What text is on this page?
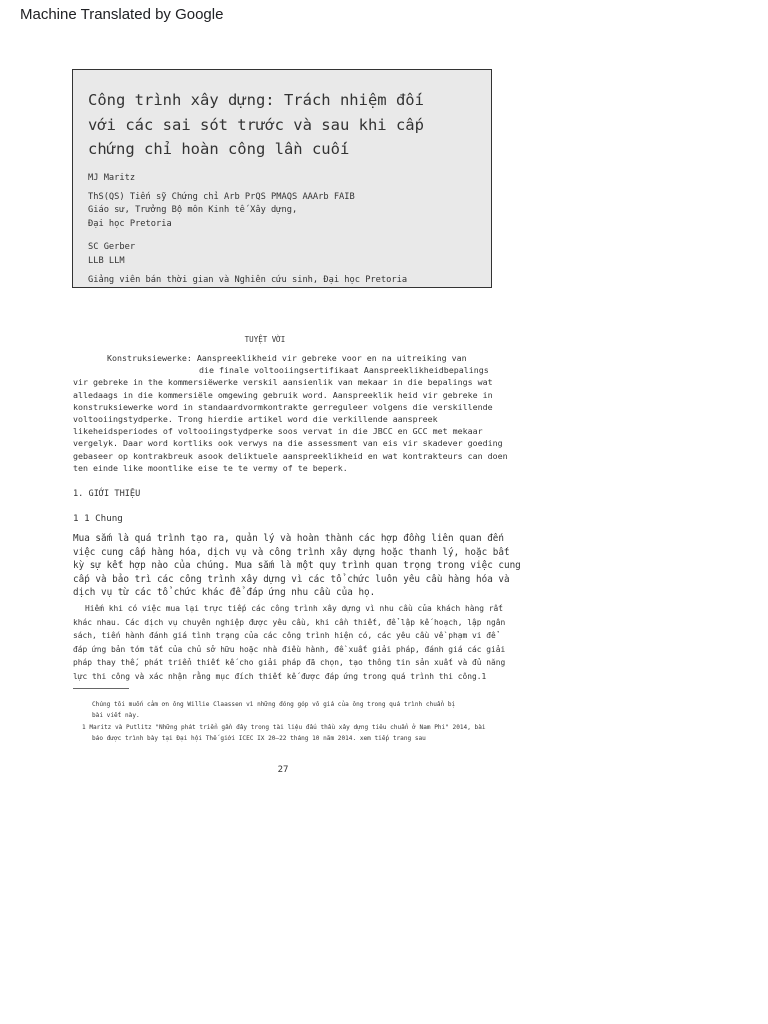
Machine Translated by Google
Công trình xây dựng: Trách nhiệm đối
với các sai sót trước và sau khi cấp
chứng chỉ hoàn công lần cuối
MJ Maritz
ThS(QS) Tiến sỹ Chứng chỉ Arb PrQS PMAQS AAArb FAIB
Giáo sư, Trưởng Bộ môn Kinh tế Xây dựng,
Đại học Pretoria
SC Gerber
LLB LLM
Giảng viên bán thời gian và Nghiên cứu sinh, Đại học Pretoria
TUYỆT VỜI
Konstruksiewerke: Aanspreeklikheid vir gebreke voor en na uitreiking van
die finale voltooiingsertifikaat Aanspreeklikheidbepalings
vir gebreke in the kommersiëwerke verskil aansienlik van mekaar in die bepalings wat
alledaags in die kommersiële omgewing gebruik word. Aanspreeklik heid vir gebreke in
konstruksiewerke word in standaardvormkontrakte gerreguleer volgens die verskillende
voltooiingstydperke. Trong hierdie artikel word die verkillende aanspreek
likeheidsperiodes of voltooiingstydperke soos vervat in die JBCC en GCC met mekaar
vergelyk. Daar word kortliks ook verwys na die assessment van eis vir skadever goeding
gebaseer op kontrakbreuk asook deliktuele aanspreeklikheid en wat kontrakteurs can doen
ten einde like moontlike eise te te vermy of te beperk.
1. GIỚI THIỆU
1 1 Chung
Mua sắm là quá trình tạo ra, quản lý và hoàn thành các hợp đồng liên quan đến
việc cung cấp hàng hóa, dịch vụ và công trình xây dựng hoặc thanh lý, hoặc bất
kỳ sự kết hợp nào của chúng. Mua sắm là một quy trình quan trọng trong việc cung
cấp và bảo trì các công trình xây dựng vì các tổ chức luôn yêu cầu hàng hóa và
dịch vụ từ các tổ chức khác để đáp ứng nhu cầu của họ.
Hiếm khi có việc mua lại trực tiếp các công trình xây dựng vì nhu cầu của khách hàng rất
khác nhau. Các dịch vụ chuyên nghiệp được yêu cầu, khi cần thiết, để lập kế hoạch, lập ngân
sách, tiến hành đánh giá tình trạng của các công trình hiện có, các yêu cầu về phạm vi để
đáp ứng bản tóm tắt của chủ sở hữu hoặc nhà điều hành, đề xuất giải pháp, đánh giá các giải
pháp thay thế, phát triển thiết kế cho giải pháp đã chọn, tạo thông tin sản xuất và đủ năng
lực thi công và xác nhận rằng mục đích thiết kế được đáp ứng trong quá trình thi công.1
Chúng tôi muốn cảm ơn ông Willie Claassen vì những đóng góp vô giá của ông trong quá trình chuẩn bị
bài viết này.
1 Maritz và Putlitz "Những phát triển gần đây trong tài liệu đấu thầu xây dựng tiêu chuẩn ở Nam Phi" 2014, bài
báo được trình bày tại Đại hội Thế giới ICEC IX 20–22 tháng 10 năm 2014. xem tiếp trang sau
27
